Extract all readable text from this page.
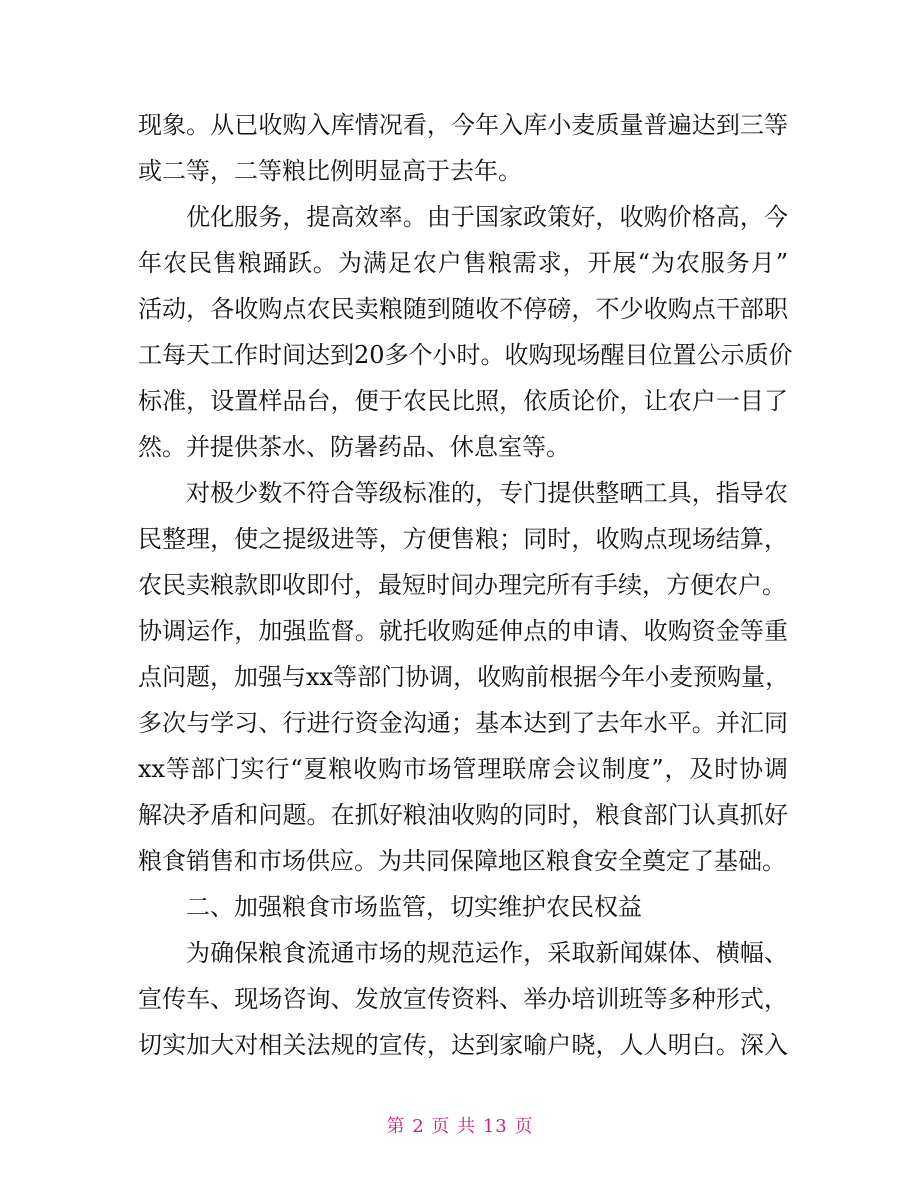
现象。从已收购入库情况看，今年入库小麦质量普遍达到三等
或二等，二等粮比例明显高于去年。
优化服务，提高效率。由于国家政策好，收购价格高，今
年农民售粮踊跃。为满足农户售粮需求，开展“为农服务月”
活动，各收购点农民卖粮随到随收不停磅，不少收购点干部职
工每天工作时间达到20多个小时。收购现场醒目位置公示质价
标准，设置样品台，便于农民比照，依质论价，让农户一目了
然。并提供茶水、防暑药品、休息室等。
对极少数不符合等级标准的，专门提供整晒工具，指导农
民整理，使之提级进等，方便售粮；同时，收购点现场结算，
农民卖粮款即收即付，最短时间办理完所有手续，方便农户。
协调运作，加强监督。就托收购延伸点的申请、收购资金等重
点问题，加强与xx等部门协调，收购前根据今年小麦预购量，
多次与学习、行进行资金沟通；基本达到了去年水平。并汇同
xx等部门实行“夏粮收购市场管理联席会议制度”，及时协调
解决矛盾和问题。在抓好粮油收购的同时，粮食部门认真抓好
粮食销售和市场供应。为共同保障地区粮食安全奠定了基础。
二、加强粮食市场监管，切实维护农民权益
为确保粮食流通市场的规范运作，采取新闻媒体、横幅、
宣传车、现场咨询、发放宣传资料、举办培训班等多种形式，
切实加大对相关法规的宣传，达到家喻户晓，人人明白。深入
第 2 页 共 13 页
